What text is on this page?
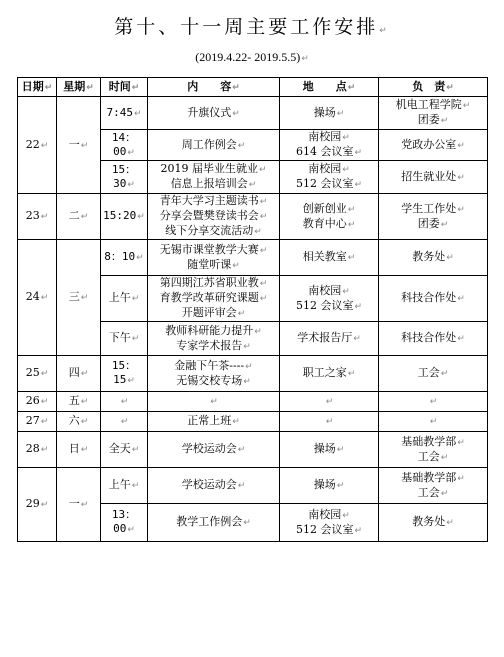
第十、十一周主要工作安排↵
(2019.4.22- 2019.5.5)↵
日期↵	星期↵	时间↵	内　　容↵	地　　点↵	负　责↵
22↵	一↵	7:45↵	升旗仪式↵	操场↵	机电工程学院↵
团委↵
		14：00↵	周工作例会↵	南校园↵
614 会议室↵	党政办公室↵
		15：30↵	2019 届毕业生就业↵
信息上报培训会↵	南校园↵
512 会议室↵	招生就业处↵
23↵	二↵	15:20↵	青年大学习主题读书↵
分享会暨樊登读书会↵
线下分享交流活动↵	创新创业↵
教育中心↵	学生工作处↵
团委↵
24↵	三↵	8：10↵	无锡市课堂教学大赛↵
随堂听课↵	相关教室↵	教务处↵
		上午↵	第四期江苏省职业教↵
育教学改革研究课题↵
开题评审会↵	南校园↵
512 会议室↵	科技合作处↵
		下午↵	教师科研能力提升↵
专家学术报告↵	学术报告厅↵	科技合作处↵
25↵	四↵	15：15↵	金融下午茶----↵
无锡交校专场↵	职工之家↵	工会↵
26↵	五↵	↵	↵	↵	↵
27↵	六↵	↵	正常上班↵	↵	↵
28↵	日↵	全天↵	学校运动会↵	操场↵	基础教学部↵
工会↵
29↵	一↵	上午↵	学校运动会↵	操场↵	基础教学部↵
工会↵
		13：00↵	教学工作例会↵	南校园↵
512 会议室↵	教务处↵
